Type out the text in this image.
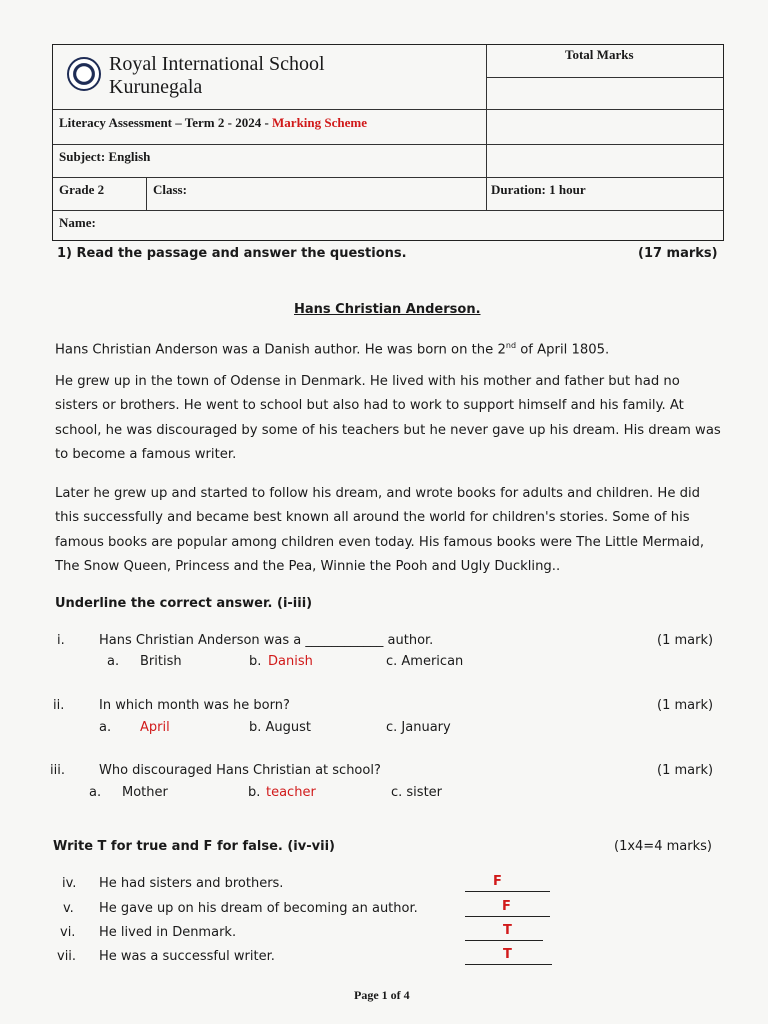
Royal International School
Kurunegala
Total Marks
Literacy Assessment – Term 2 - 2024 - Marking Scheme
Subject: English
Grade 2	Class:	Duration: 1 hour
Name:
1) Read the passage and answer the questions.	(17 marks)
Hans Christian Anderson.
Hans Christian Anderson was a Danish author. He was born on the 2nd of April 1805.
He grew up in the town of Odense in Denmark. He lived with his mother and father but had no sisters or brothers. He went to school but also had to work to support himself and his family. At school, he was discouraged by some of his teachers but he never gave up his dream. His dream was to become a famous writer.
Later he grew up and started to follow his dream, and wrote books for adults and children. He did this successfully and became best known all around the world for children's stories. Some of his famous books are popular among children even today. His famous books were The Little Mermaid, The Snow Queen, Princess and the Pea, Winnie the Pooh and Ugly Duckling..
Underline the correct answer. (i-iii)
i.	Hans Christian Anderson was a ____________ author.	(1 mark)
a. British	b. Danish	c. American
ii.	In which month was he born?	(1 mark)
a. April	b. August	c. January
iii.	Who discouraged Hans Christian at school?	(1 mark)
a. Mother	b. teacher	c. sister
Write T for true and F for false. (iv-vii)	(1x4=4 marks)
iv. He had sisters and brothers.	F
v. He gave up on his dream of becoming an author.	F
vi. He lived in Denmark.	T
vii. He was a successful writer.	T
Page 1 of 4
